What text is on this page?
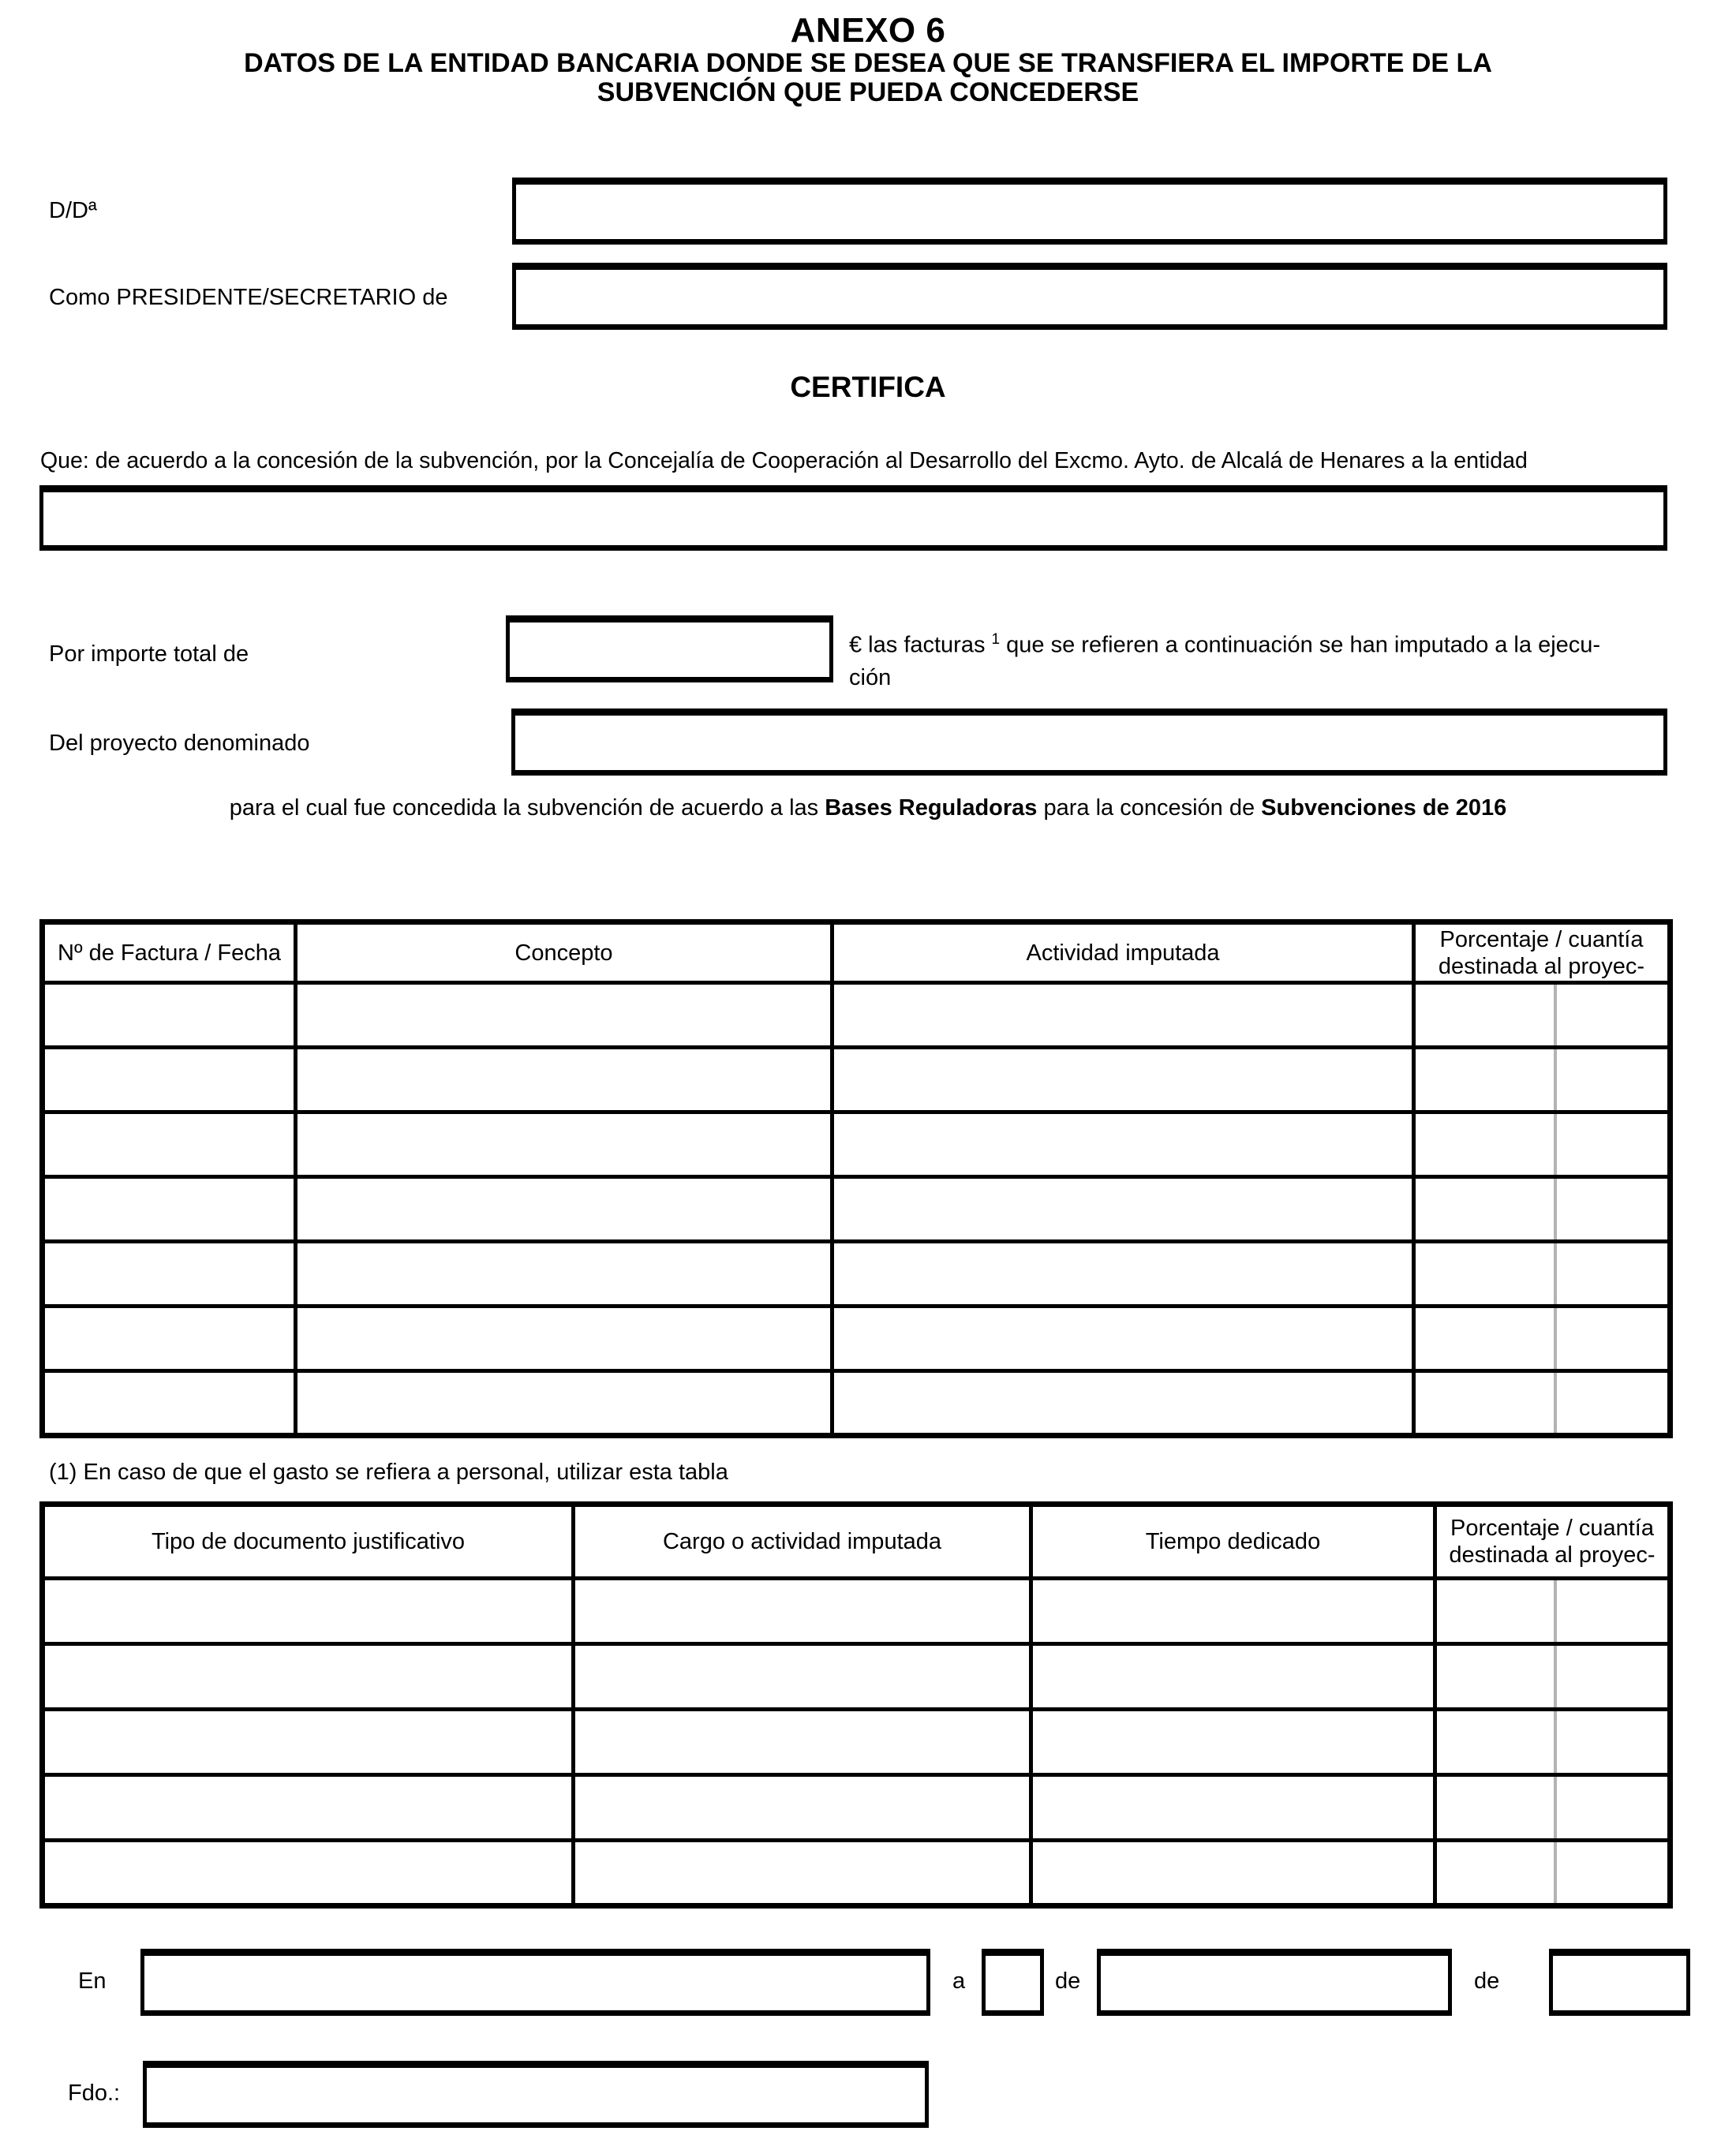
ANEXO 6
DATOS DE LA ENTIDAD BANCARIA DONDE SE DESEA QUE SE TRANSFIERA EL IMPORTE DE LA
SUBVENCIÓN QUE PUEDA CONCEDERSE
D/Dª
Como PRESIDENTE/SECRETARIO de
CERTIFICA
Que: de acuerdo a la concesión de la subvención, por la Concejalía de Cooperación al Desarrollo del Excmo. Ayto. de Alcalá de Henares a la entidad
Por importe total de	€ las facturas $^1$ que se refieren a continuación se han imputado a la ejecu-
ción
Del proyecto denominado
para el cual fue concedida la subvención de acuerdo a las Bases Reguladoras para la concesión de Subvenciones de 2016
Nº de Factura / Fecha	Concepto	Actividad imputada	Porcentaje / cuantía destinada al proyec-

(1) En caso de que el gasto se refiera a personal, utilizar esta tabla
Tipo de documento justificativo	Cargo o actividad imputada	Tiempo dedicado	Porcentaje / cuantía destinada al proyec-

En	a	de	de
Fdo.:
